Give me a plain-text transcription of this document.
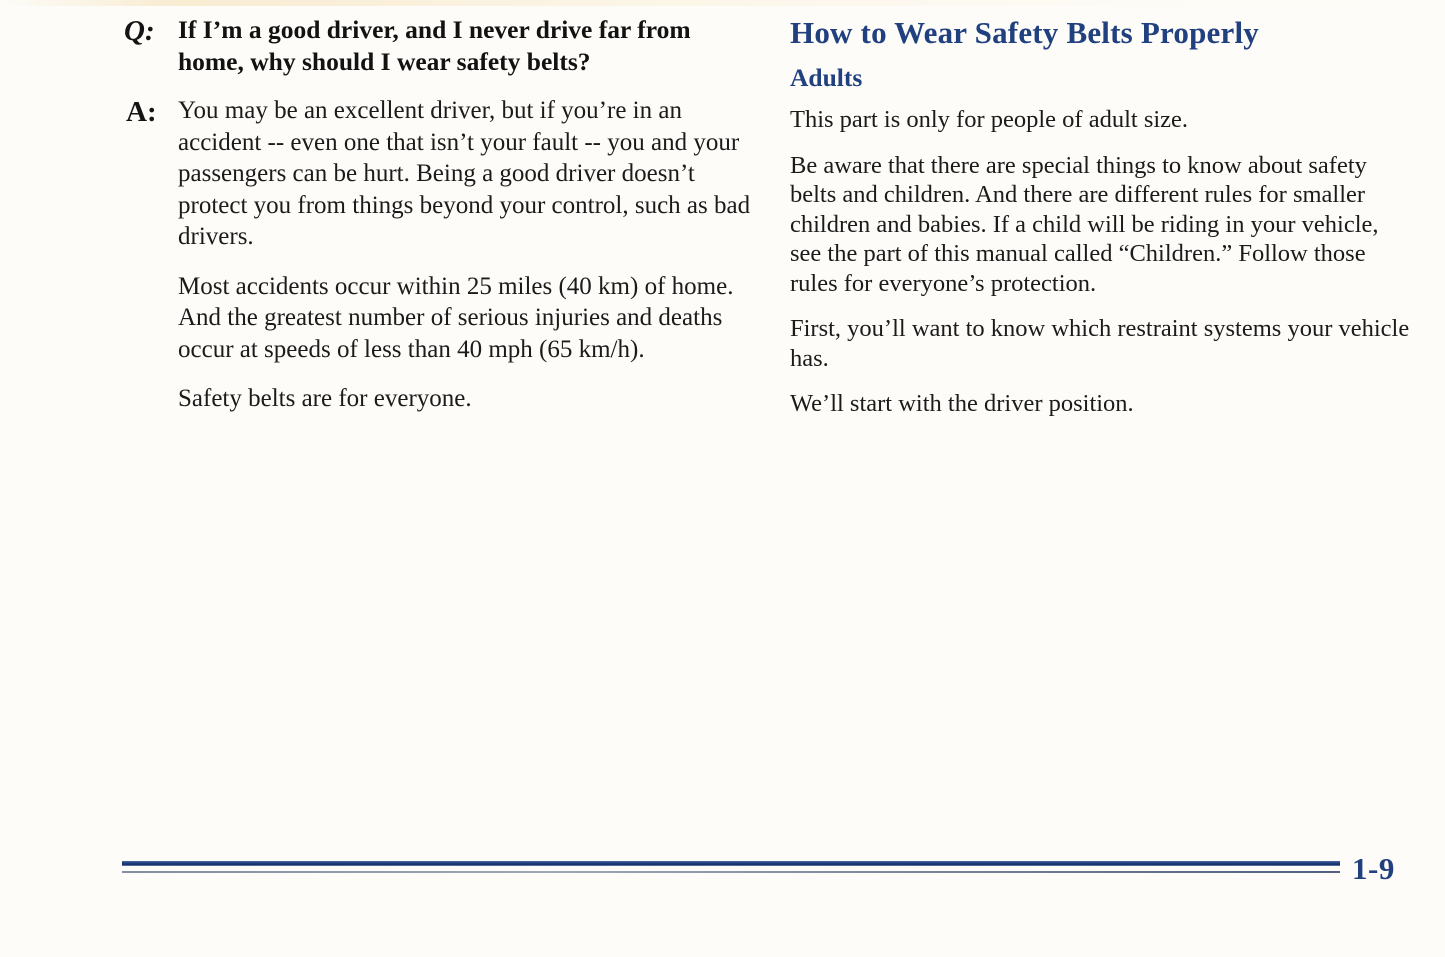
Q: If I’m a good driver, and I never drive far from home, why should I wear safety belts?

A: You may be an excellent driver, but if you’re in an accident -- even one that isn’t your fault -- you and your passengers can be hurt. Being a good driver doesn’t protect you from things beyond your control, such as bad drivers.

Most accidents occur within 25 miles (40 km) of home. And the greatest number of serious injuries and deaths occur at speeds of less than 40 mph (65 km/h).

Safety belts are for everyone.

How to Wear Safety Belts Properly
Adults

This part is only for people of adult size.

Be aware that there are special things to know about safety belts and children. And there are different rules for smaller children and babies. If a child will be riding in your vehicle, see the part of this manual called “Children.” Follow those rules for everyone’s protection.

First, you’ll want to know which restraint systems your vehicle has.

We’ll start with the driver position.

1-9
